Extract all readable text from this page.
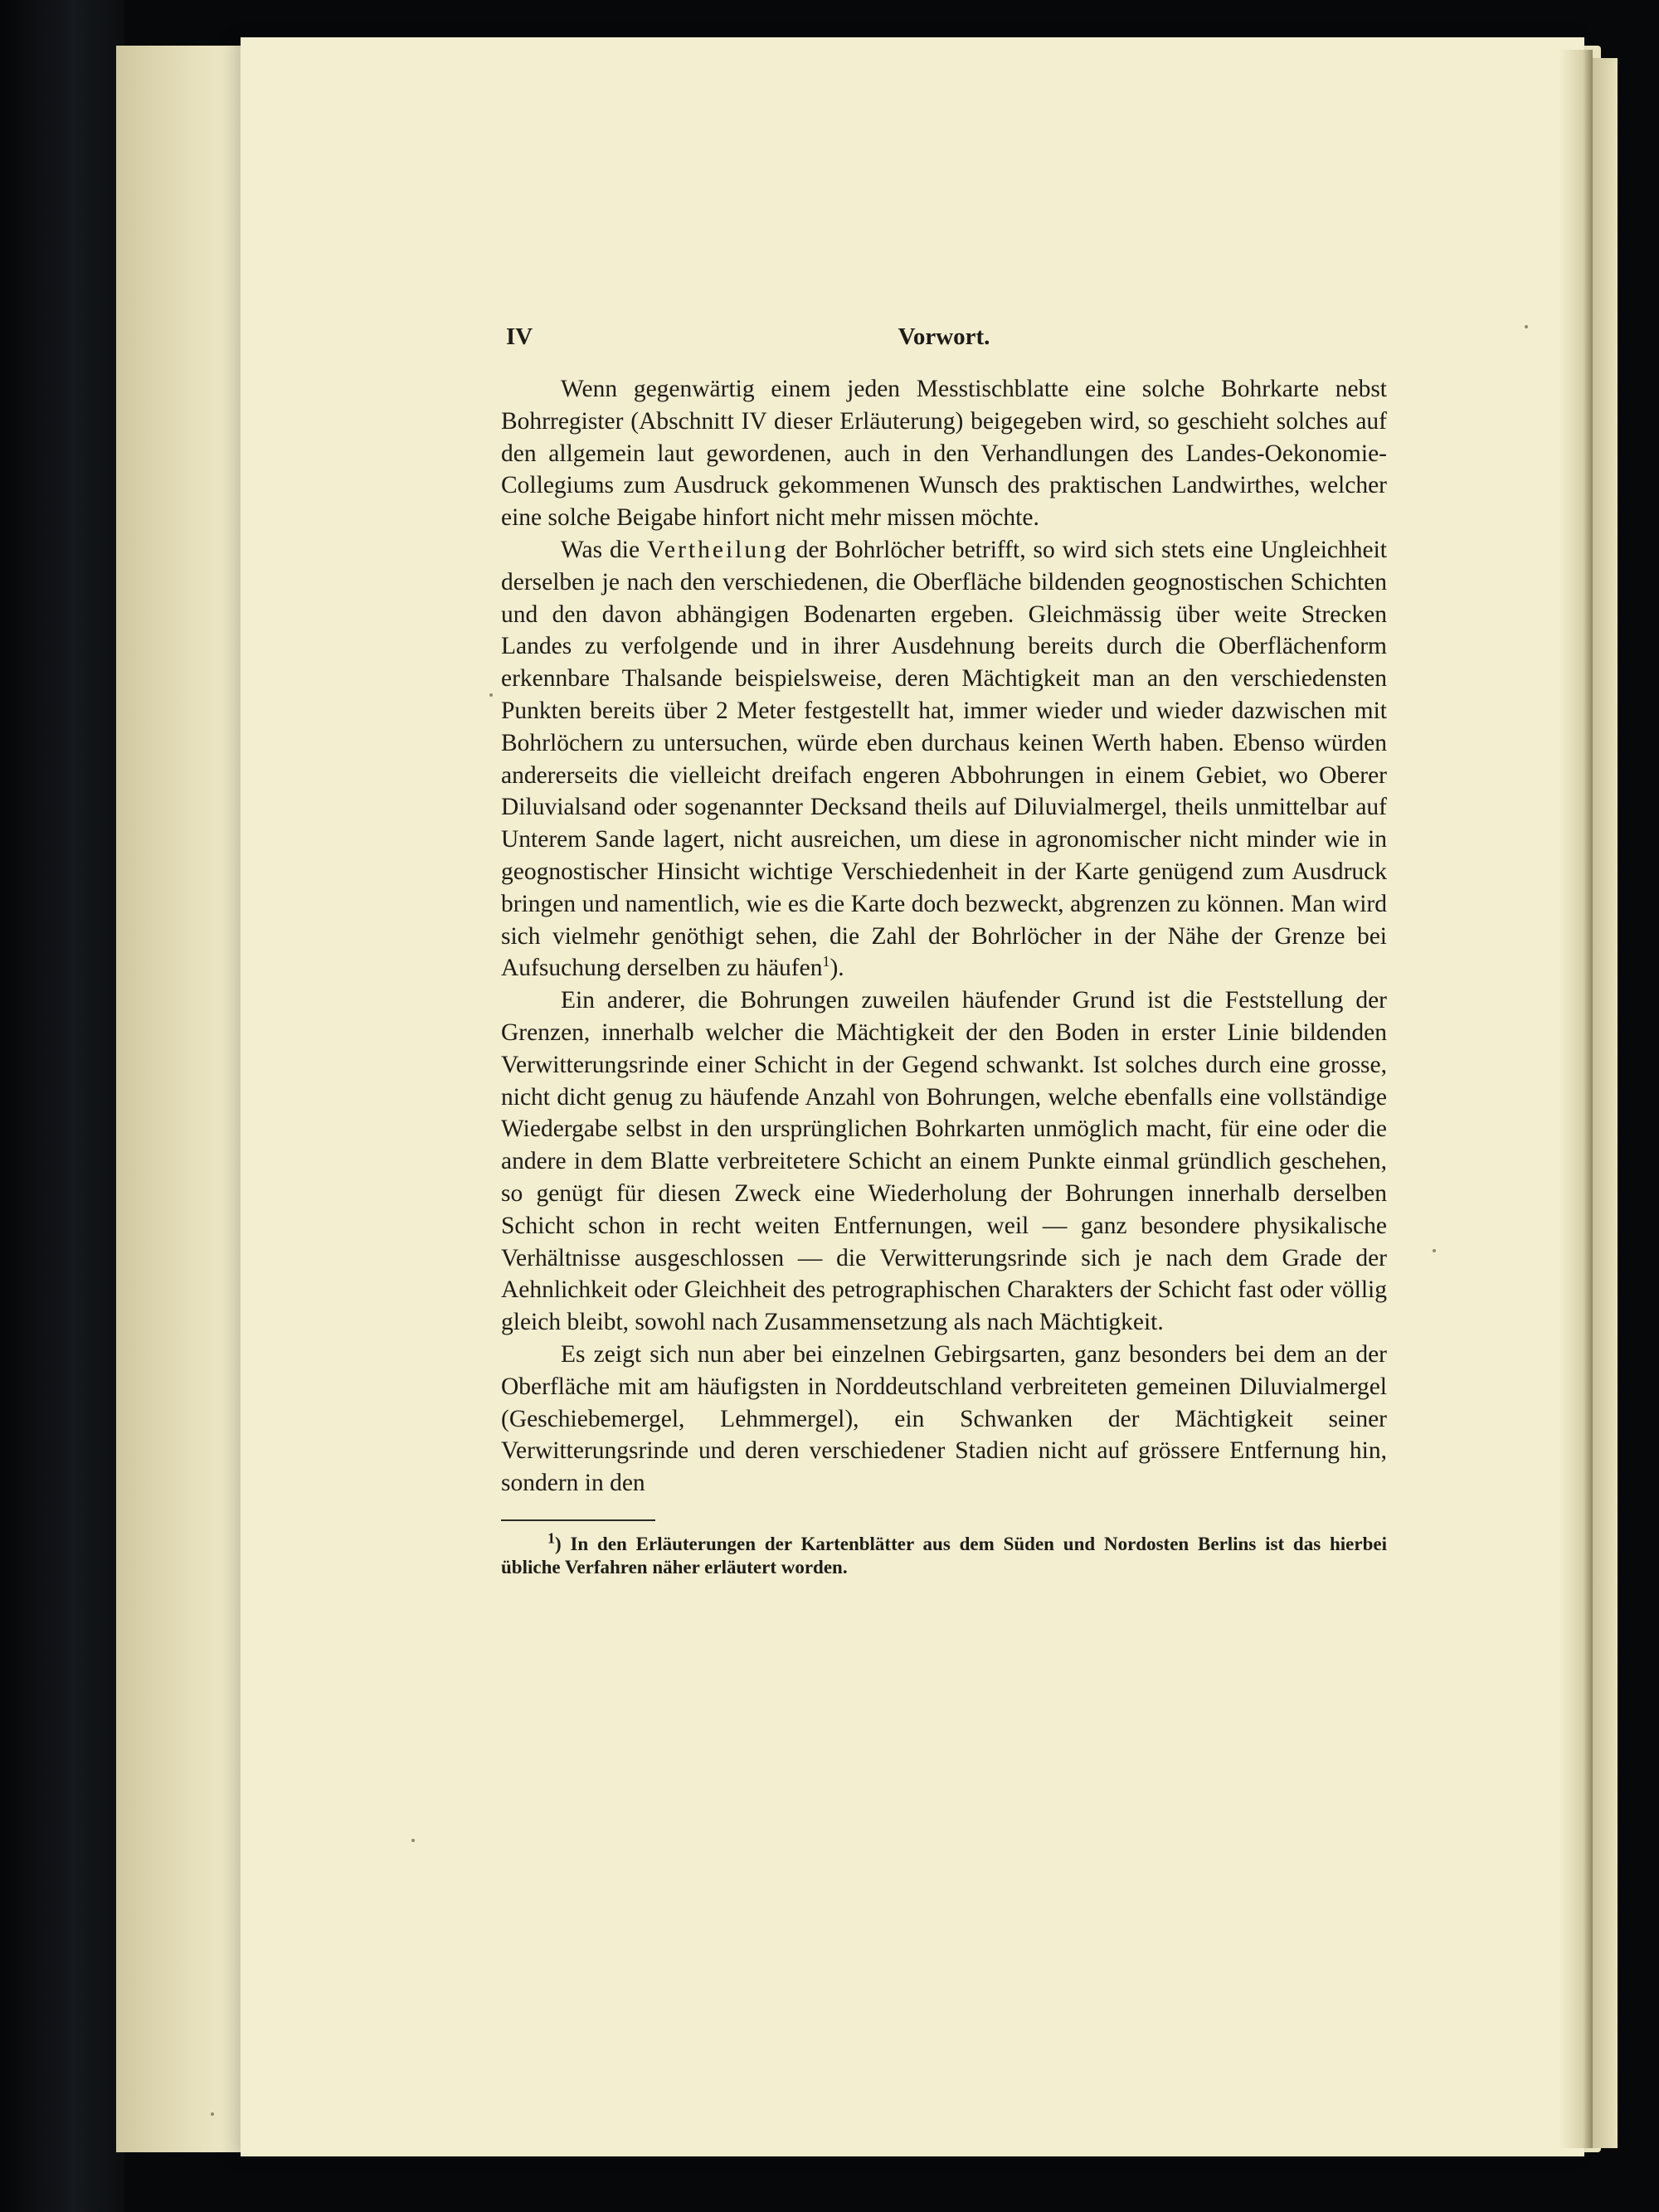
IV	Vorwort.

Wenn gegenwärtig einem jeden Messtischblatte eine solche Bohrkarte nebst Bohrregister (Abschnitt IV dieser Erläuterung) beigegeben wird, so geschieht solches auf den allgemein laut gewordenen, auch in den Verhandlungen des Landes-Oekonomie-Collegiums zum Ausdruck gekommenen Wunsch des praktischen Landwirthes, welcher eine solche Beigabe hinfort nicht mehr missen möchte.

Was die Vertheilung der Bohrlöcher betrifft, so wird sich stets eine Ungleichheit derselben je nach den verschiedenen, die Oberfläche bildenden geognostischen Schichten und den davon abhängigen Bodenarten ergeben. Gleichmässig über weite Strecken Landes zu verfolgende und in ihrer Ausdehnung bereits durch die Oberflächenform erkennbare Thalsande beispielsweise, deren Mächtigkeit man an den verschiedensten Punkten bereits über 2 Meter festgestellt hat, immer wieder und wieder dazwischen mit Bohrlöchern zu untersuchen, würde eben durchaus keinen Werth haben. Ebenso würden andererseits die vielleicht dreifach engeren Abbohrungen in einem Gebiet, wo Oberer Diluvialsand oder sogenannter Decksand theils auf Diluvialmergel, theils unmittelbar auf Unterem Sande lagert, nicht ausreichen, um diese in agronomischer nicht minder wie in geognostischer Hinsicht wichtige Verschiedenheit in der Karte genügend zum Ausdruck bringen und namentlich, wie es die Karte doch bezweckt, abgrenzen zu können. Man wird sich vielmehr genöthigt sehen, die Zahl der Bohrlöcher in der Nähe der Grenze bei Aufsuchung derselben zu häufen$^1$).

Ein anderer, die Bohrungen zuweilen häufender Grund ist die Feststellung der Grenzen, innerhalb welcher die Mächtigkeit der den Boden in erster Linie bildenden Verwitterungsrinde einer Schicht in der Gegend schwankt. Ist solches durch eine grosse, nicht dicht genug zu häufende Anzahl von Bohrungen, welche ebenfalls eine vollständige Wiedergabe selbst in den ursprünglichen Bohrkarten unmöglich macht, für eine oder die andere in dem Blatte verbreitetere Schicht an einem Punkte einmal gründlich geschehen, so genügt für diesen Zweck eine Wiederholung der Bohrungen innerhalb derselben Schicht schon in recht weiten Entfernungen, weil — ganz besondere physikalische Verhältnisse ausgeschlossen — die Verwitterungsrinde sich je nach dem Grade der Aehnlichkeit oder Gleichheit des petrographischen Charakters der Schicht fast oder völlig gleich bleibt, sowohl nach Zusammensetzung als nach Mächtigkeit.

Es zeigt sich nun aber bei einzelnen Gebirgsarten, ganz besonders bei dem an der Oberfläche mit am häufigsten in Norddeutschland verbreiteten gemeinen Diluvialmergel (Geschiebemergel, Lehmmergel), ein Schwanken der Mächtigkeit seiner Verwitterungsrinde und deren verschiedener Stadien nicht auf grössere Entfernung hin, sondern in den

$^1$) In den Erläuterungen der Kartenblätter aus dem Süden und Nordosten Berlins ist das hierbei übliche Verfahren näher erläutert worden.
